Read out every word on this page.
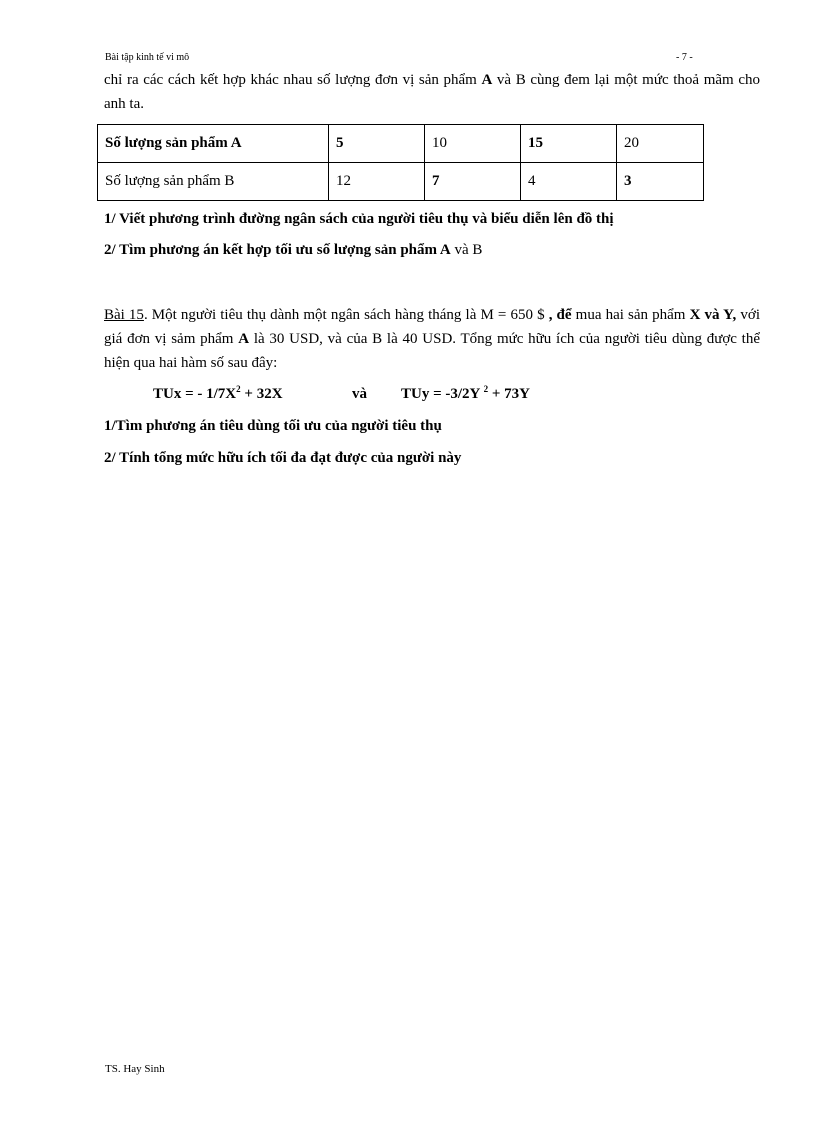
Bài tập kinh tế vi mô	- 7 -
chỉ ra các cách kết hợp khác nhau số lượng đơn vị sản phẩm A và B cùng đem lại một mức thoả mãm cho anh ta.
Số lượng sản phẩm A	5	10	15	20
Số lượng sản phẩm B	12	7	4	3
1/ Viết phương trình đường ngân sách của người tiêu thụ và biểu diễn lên đồ thị
2/ Tìm phương án kết hợp tối ưu số lượng sản phẩm A và B
Bài 15. Một người tiêu thụ dành một ngân sách hàng tháng là M = 650 $ , để mua hai sản phẩm X và Y, với giá đơn vị sảm phẩm A là 30 USD, và của B là 40 USD. Tổng mức hữu ích của người tiêu dùng được thể hiện qua hai hàm số sau đây:
TUx = - $1/7X^2 + 32X$	và TUy = -3/2Y $^2$ + 73Y
1/Tìm phương án tiêu dùng tối ưu của người tiêu thụ
2/ Tính tổng mức hữu ích tối đa đạt được của người này
TS. Hay Sinh
